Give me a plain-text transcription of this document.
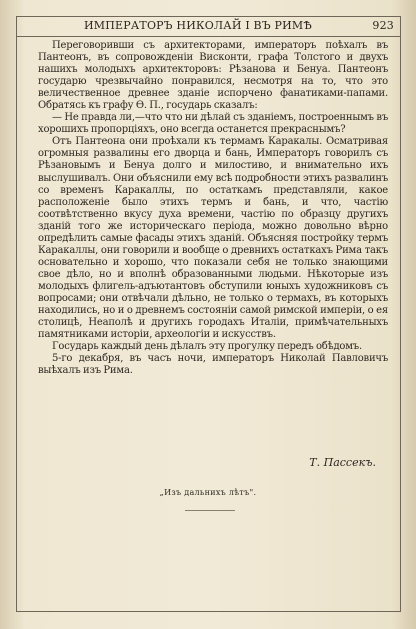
ИМПЕРАТОРЪ НИКОЛАЙ I ВЪ РИМѢ	923

Переговоривши съ архитекторами, императоръ поѣхалъ въ Пантеонъ, въ сопровожденіи Висконти, графа Толстого и двухъ нашихъ молодыхъ архитекторовъ: Рѣзанова и Бенуа. Пантеонъ государю чрезвычайно понравился, несмотря на то, что это величественное древнее зданіе испорчено фанатиками-папами. Обратясь къ графу Ѳ. П., государь сказалъ:

— Не правда ли,—что что ни дѣлай съ зданіемъ, построеннымъ въ хорошихъ пропорціяхъ, оно всегда останется прекраснымъ?

Отъ Пантеона они проѣхали къ термамъ Каракалы. Осматривая огромныя развалины его дворца и бань, Императоръ говорилъ съ Рѣзановымъ и Бенуа долго и милостиво, и внимательно ихъ выслушивалъ. Они объяснили ему всѣ подробности этихъ развалинъ со временъ Каракаллы, по остаткамъ представляли, какое расположеніе было этихъ термъ и бань, и что, частію соотвѣтственно вкусу духа времени, частію по образцу другихъ зданій того же историческаго періода, можно довольно вѣрно опредѣлить самые фасады этихъ зданій. Объясняя постройку термъ Каракаллы, они говорили и вообще о древнихъ остаткахъ Рима такъ основательно и хорошо, что показали себя не только знающими свое дѣло, но и вполнѣ образованными людьми. Нѣкоторые изъ молодыхъ флигель-адъютантовъ обступили юныхъ художниковъ съ вопросами; они отвѣчали дѣльно, не только о термахъ, въ которыхъ находились, но и о древнемъ состояніи самой римской имперіи, о ея столицѣ, Неаполѣ и другихъ городахъ Италіи, примѣчательныхъ памятниками исторіи, археологіи и искусствъ.

Государь каждый день дѣлалъ эту прогулку передъ обѣдомъ.

5-го декабря, въ часъ ночи, императоръ Николай Павловичъ выѣхалъ изъ Рима.

Т. Пассекъ.
„Изъ дальнихъ лѣтъ".
